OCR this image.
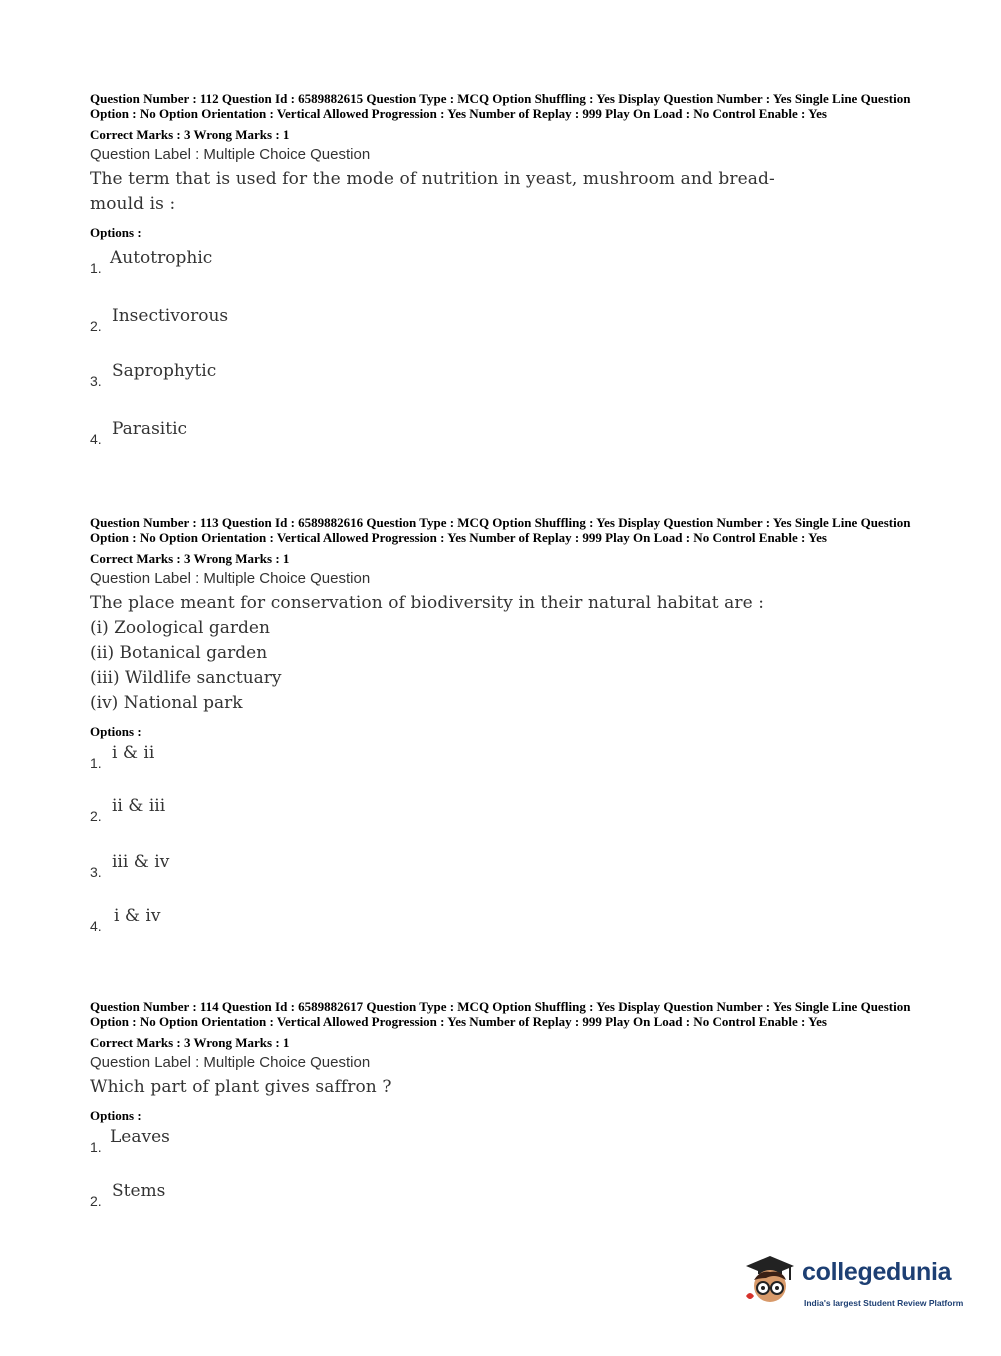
Question Number : 112 Question Id : 6589882615 Question Type : MCQ Option Shuffling : Yes Display Question Number : Yes Single Line Question Option : No Option Orientation : Vertical Allowed Progression : Yes Number of Replay : 999 Play On Load : No Control Enable : Yes

Correct Marks : 3 Wrong Marks : 1
Question Label : Multiple Choice Question
The term that is used for the mode of nutrition in yeast, mushroom and bread-
mould is :
Options :
1. Autotrophic
2. Insectivorous
3. Saprophytic
4. Parasitic

Question Number : 113 Question Id : 6589882616 Question Type : MCQ Option Shuffling : Yes Display Question Number : Yes Single Line Question Option : No Option Orientation : Vertical Allowed Progression : Yes Number of Replay : 999 Play On Load : No Control Enable : Yes

Correct Marks : 3 Wrong Marks : 1
Question Label : Multiple Choice Question
The place meant for conservation of biodiversity in their natural habitat are :
(i) Zoological garden
(ii) Botanical garden
(iii) Wildlife sanctuary
(iv) National park
Options :
1. i & ii
2. ii & iii
3. iii & iv
4. i & iv

Question Number : 114 Question Id : 6589882617 Question Type : MCQ Option Shuffling : Yes Display Question Number : Yes Single Line Question Option : No Option Orientation : Vertical Allowed Progression : Yes Number of Replay : 999 Play On Load : No Control Enable : Yes

Correct Marks : 3 Wrong Marks : 1
Question Label : Multiple Choice Question
Which part of plant gives saffron ?
Options :
1. Leaves
2. Stems
collegedunia
India's largest Student Review Platform
